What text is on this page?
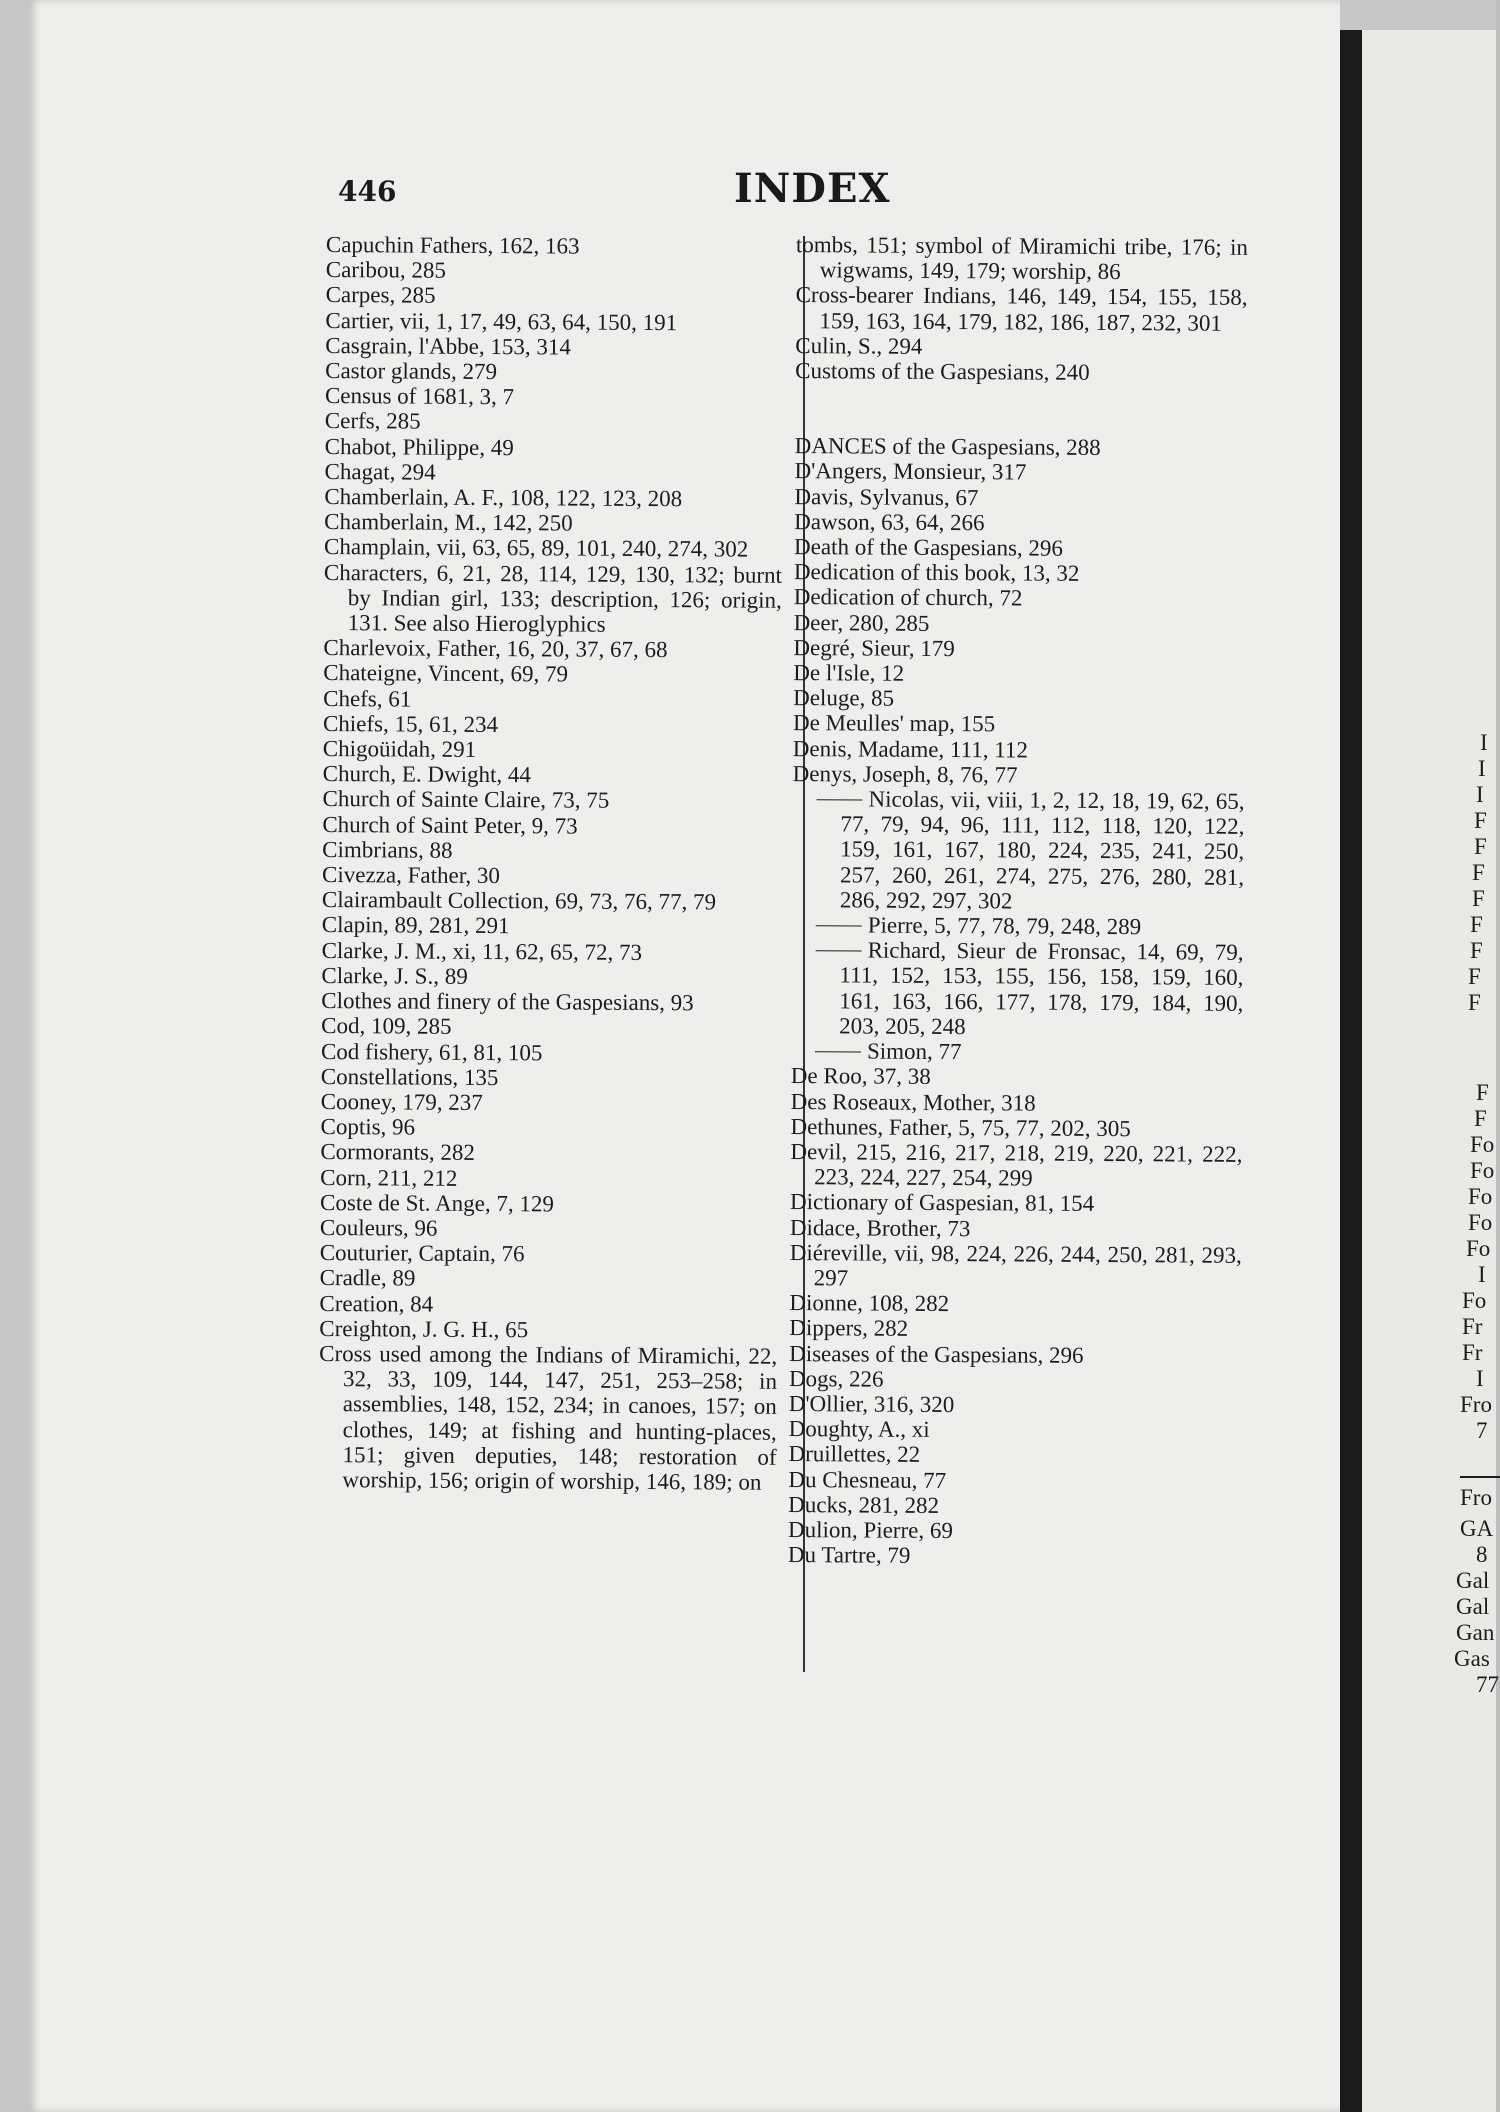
446	INDEX
Capuchin Fathers, 162, 163
Caribou, 285
Carpes, 285
Cartier, vii, 1, 17, 49, 63, 64, 150, 191
Casgrain, l'Abbe, 153, 314
Castor glands, 279
Census of 1681, 3, 7
Cerfs, 285
Chabot, Philippe, 49
Chagat, 294
Chamberlain, A. F., 108, 122, 123, 208
Chamberlain, M., 142, 250
Champlain, vii, 63, 65, 89, 101, 240, 274, 302
Characters, 6, 21, 28, 114, 129, 130, 132; burnt by Indian girl, 133; description, 126; origin, 131. See also Hieroglyphics
Charlevoix, Father, 16, 20, 37, 67, 68
Chateigne, Vincent, 69, 79
Chefs, 61
Chiefs, 15, 61, 234
Chigoüidah, 291
Church, E. Dwight, 44
Church of Sainte Claire, 73, 75
Church of Saint Peter, 9, 73
Cimbrians, 88
Civezza, Father, 30
Clairambault Collection, 69, 73, 76, 77, 79
Clapin, 89, 281, 291
Clarke, J. M., xi, 11, 62, 65, 72, 73
Clarke, J. S., 89
Clothes and finery of the Gaspesians, 93
Cod, 109, 285
Cod fishery, 61, 81, 105
Constellations, 135
Cooney, 179, 237
Coptis, 96
Cormorants, 282
Corn, 211, 212
Coste de St. Ange, 7, 129
Couleurs, 96
Couturier, Captain, 76
Cradle, 89
Creation, 84
Creighton, J. G. H., 65
Cross used among the Indians of Miramichi, 22, 32, 33, 109, 144, 147, 251, 253–258; in assemblies, 148, 152, 234; in canoes, 157; on clothes, 149; at fishing and hunting-places, 151; given deputies, 148; restoration of worship, 156; origin of worship, 146, 189; on
tombs, 151; symbol of Miramichi tribe, 176; in wigwams, 149, 179; worship, 86
Cross-bearer Indians, 146, 149, 154, 155, 158, 159, 163, 164, 179, 182, 186, 187, 232, 301
Culin, S., 294
Customs of the Gaspesians, 240
DANCES of the Gaspesians, 288
D'Angers, Monsieur, 317
Davis, Sylvanus, 67
Dawson, 63, 64, 266
Death of the Gaspesians, 296
Dedication of this book, 13, 32
Dedication of church, 72
Deer, 280, 285
Degré, Sieur, 179
De l'Isle, 12
Deluge, 85
De Meulles' map, 155
Denis, Madame, 111, 112
Denys, Joseph, 8, 76, 77
Nicolas, vii, viii, 1, 2, 12, 18, 19, 62, 65, 77, 79, 94, 96, 111, 112, 118, 120, 122, 159, 161, 167, 180, 224, 235, 241, 250, 257, 260, 261, 274, 275, 276, 280, 281, 286, 292, 297, 302
Pierre, 5, 77, 78, 79, 248, 289
Richard, Sieur de Fronsac, 14, 69, 79, 111, 152, 153, 155, 156, 158, 159, 160, 161, 163, 166, 177, 178, 179, 184, 190, 203, 205, 248
Simon, 77
De Roo, 37, 38
Des Roseaux, Mother, 318
Dethunes, Father, 5, 75, 77, 202, 305
Devil, 215, 216, 217, 218, 219, 220, 221, 222, 223, 224, 227, 254, 299
Dictionary of Gaspesian, 81, 154
Didace, Brother, 73
Diéreville, vii, 98, 224, 226, 244, 250, 281, 293, 297
Dionne, 108, 282
Dippers, 282
Diseases of the Gaspesians, 296
Dogs, 226
D'Ollier, 316, 320
Doughty, A., xi
Druillettes, 22
Du Chesneau, 77
Ducks, 281, 282
Dulion, Pierre, 69
Du Tartre, 79
I
I
I
F
F
F
F
F
F
F
F
F
F
Fo
Fo
Fo
Fo
Fo
I
Fo
Fr
Fr
I
Fro
7
Fro
GA
8
Gal
Gal
Gan
Gas
77
